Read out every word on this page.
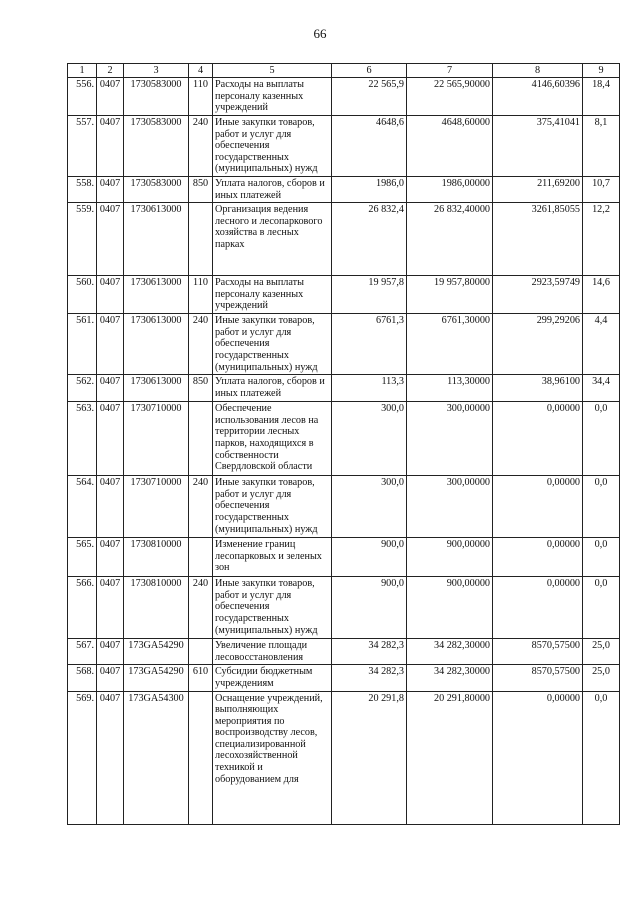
66
1	2	3	4	5	6	7	8	9
556.	0407	1730583000	110	Расходы на выплаты персоналу казенных учреждений	22 565,9	22 565,90000	4146,60396	18,4
557.	0407	1730583000	240	Иные закупки товаров, работ и услуг для обеспечения государственных (муниципальных) нужд	4648,6	4648,60000	375,41041	8,1
558.	0407	1730583000	850	Уплата налогов, сборов и иных платежей	1986,0	1986,00000	211,69200	10,7
559.	0407	1730613000		Организация ведения лесного и лесопаркового хозяйства в лесных парках	26 832,4	26 832,40000	3261,85055	12,2
560.	0407	1730613000	110	Расходы на выплаты персоналу казенных учреждений	19 957,8	19 957,80000	2923,59749	14,6
561.	0407	1730613000	240	Иные закупки товаров, работ и услуг для обеспечения государственных (муниципальных) нужд	6761,3	6761,30000	299,29206	4,4
562.	0407	1730613000	850	Уплата налогов, сборов и иных платежей	113,3	113,30000	38,96100	34,4
563.	0407	1730710000		Обеспечение использования лесов на территории лесных парков, находящихся в собственности Свердловской области	300,0	300,00000	0,00000	0,0
564.	0407	1730710000	240	Иные закупки товаров, работ и услуг для обеспечения государственных (муниципальных) нужд	300,0	300,00000	0,00000	0,0
565.	0407	1730810000		Изменение границ лесопарковых и зеленых зон	900,0	900,00000	0,00000	0,0
566.	0407	1730810000	240	Иные закупки товаров, работ и услуг для обеспечения государственных (муниципальных) нужд	900,0	900,00000	0,00000	0,0
567.	0407	173GA54290		Увеличение площади лесовосстановления	34 282,3	34 282,30000	8570,57500	25,0
568.	0407	173GA54290	610	Субсидии бюджетным учреждениям	34 282,3	34 282,30000	8570,57500	25,0
569.	0407	173GA54300		Оснащение учреждений, выполняющих мероприятия по воспроизводству лесов, специализированной лесохозяйственной техникой и оборудованием для	20 291,8	20 291,80000	0,00000	0,0
